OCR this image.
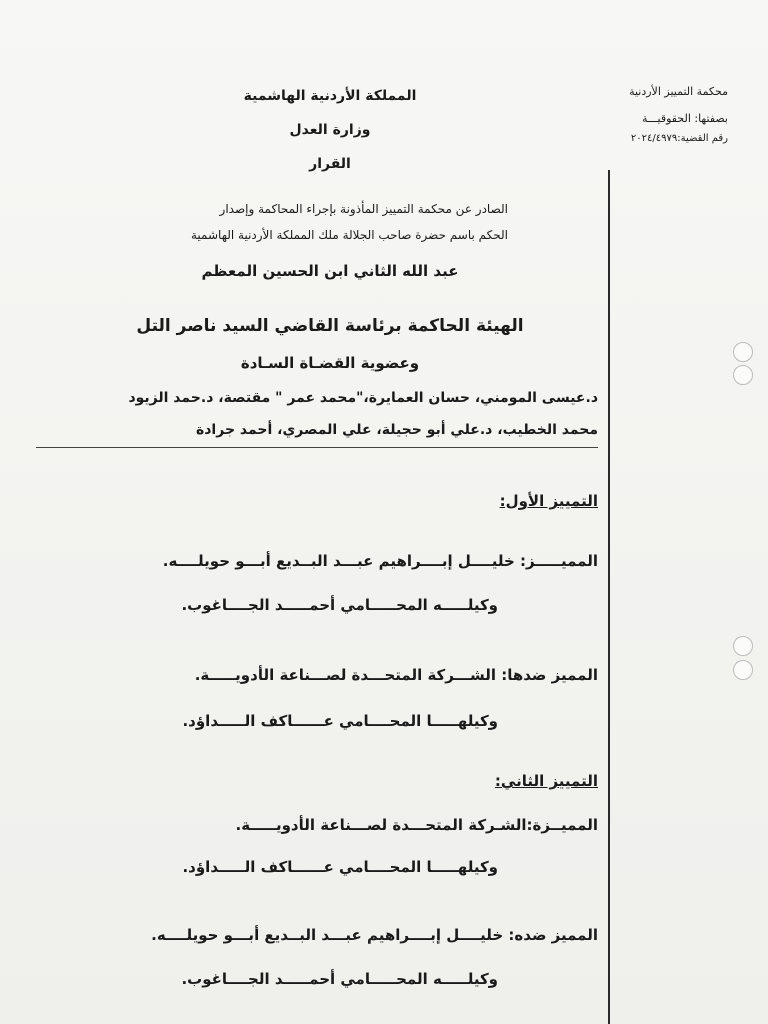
محكمة التمييز الأردنية
بصفتها: الحقوقيـــة
رقم القضية:٢٠٢٤/٤٩٧٩
المملكة الأردنية الهاشمية
وزارة العدل
القرار
الصادر عن محكمة التمييز المأذونة بإجراء المحاكمة وإصدار
الحكم باسم حضرة صاحب الجلالة ملك المملكة الأردنية الهاشمية
عبد الله الثاني ابن الحسين المعظم
الهيئة الحاكمة برئاسة القاضي السيد ناصر التل
وعضوية القضـاة السـادة
د.عيسى المومني، حسان العمايرة،"محمد عمر " مقتصة، د.حمد الزيود
محمد الخطيب، د.علي أبو حجيلة، علي المصري، أحمد جرادة
التمييز الأول:
المميـــــز: خليــــل إبــــراهيم عبـــد البــديع أبـــو حويلــــه.
وكيلـــــه المحـــــامي أحمـــــد الجــــاغوب.
المميز ضدها: الشـــركة المتحـــدة لصـــناعة الأدويـــــة.
وكيلهـــــا المحــــامي عــــــاكف الـــــداؤد.
التمييز الثاني:
المميــزة:الشـركة المتحـــدة لصـــناعة الأدويـــــة.
وكيلهـــــا المحــــامي عــــــاكف الـــــداؤد.
المميز ضده: خليــــل إبــــراهيم عبـــد البــديع أبـــو حويلــــه.
وكيلـــــه المحـــــامي أحمـــــد الجــــاغوب.
